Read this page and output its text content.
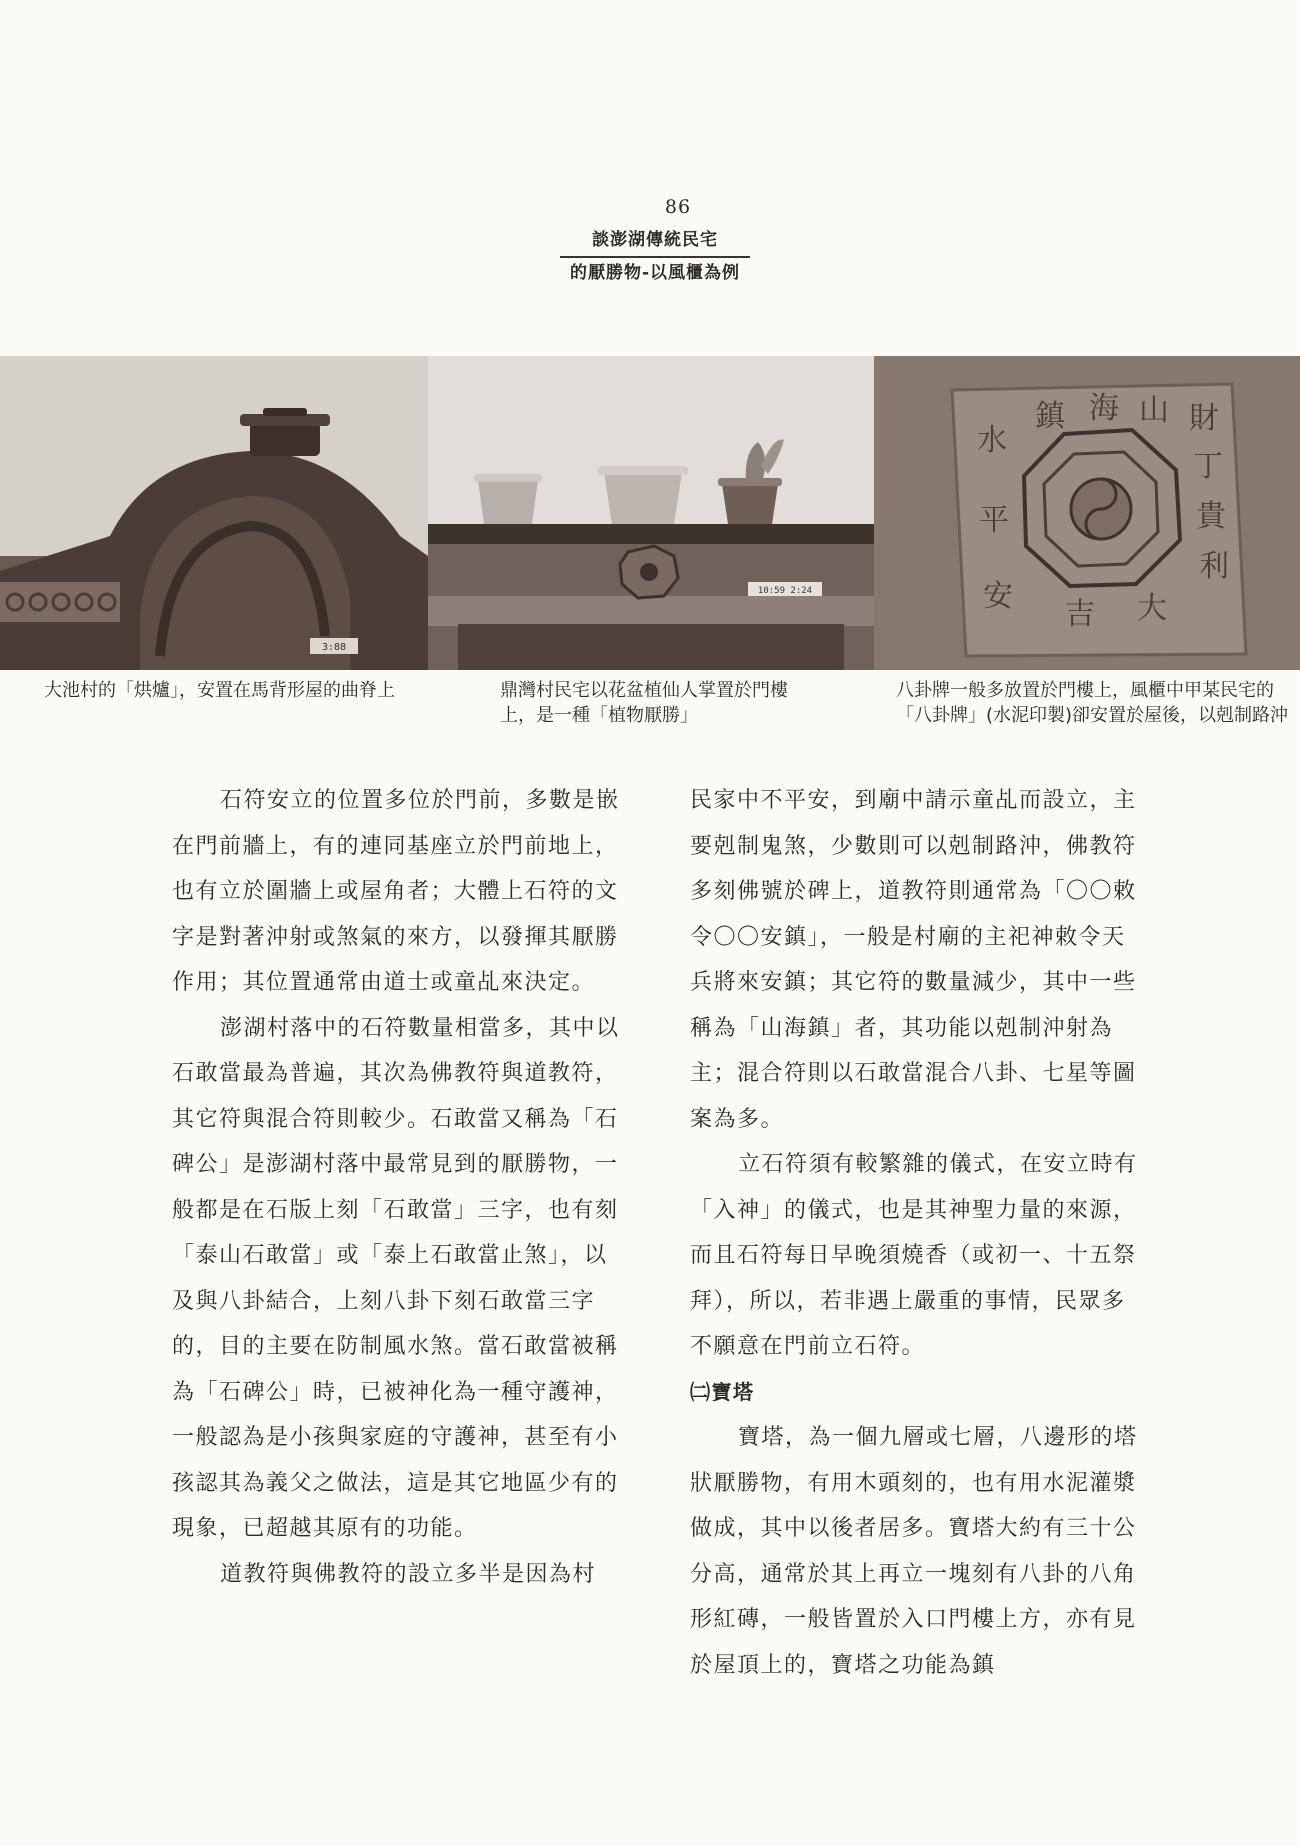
86
談澎湖傳統民宅
的厭勝物-以風櫃為例
3:88
10:59 2:24
財
丁
貴
山
海
鎮
水
平
安	大
吉
利
大池村的「烘爐」，安置在馬背形屋的曲脊上	鼎灣村民宅以花盆植仙人掌置於門樓上，是一種「植物厭勝」
八卦牌一般多放置於門樓上，風櫃中甲某民宅的「八卦牌」(水泥印製)卻安置於屋後，以剋制路沖

石符安立的位置多位於門前，多數是嵌在門前牆上，有的連同基座立於門前地上，也有立於圍牆上或屋角者；大體上石符的文字是對著沖射或煞氣的來方，以發揮其厭勝作用；其位置通常由道士或童乩來決定。

澎湖村落中的石符數量相當多，其中以石敢當最為普遍，其次為佛教符與道教符，其它符與混合符則較少。石敢當又稱為「石碑公」是澎湖村落中最常見到的厭勝物，一般都是在石版上刻「石敢當」三字，也有刻「泰山石敢當」或「泰上石敢當止煞」，以及與八卦結合，上刻八卦下刻石敢當三字的，目的主要在防制風水煞。當石敢當被稱為「石碑公」時，已被神化為一種守護神，一般認為是小孩與家庭的守護神，甚至有小孩認其為義父之做法，這是其它地區少有的現象，已超越其原有的功能。

道教符與佛教符的設立多半是因為村

民家中不平安，到廟中請示童乩而設立，主要剋制鬼煞，少數則可以剋制路沖，佛教符多刻佛號於碑上，道教符則通常為「〇〇敕令〇〇安鎮」，一般是村廟的主祀神敕令天兵將來安鎮；其它符的數量減少，其中一些稱為「山海鎮」者，其功能以剋制沖射為主；混合符則以石敢當混合八卦、七星等圖案為多。

立石符須有較繁雜的儀式，在安立時有「入神」的儀式，也是其神聖力量的來源，而且石符每日早晚須燒香（或初一、十五祭拜），所以，若非遇上嚴重的事情，民眾多不願意在門前立石符。

㈡寶塔

寶塔，為一個九層或七層，八邊形的塔狀厭勝物，有用木頭刻的，也有用水泥灌漿做成，其中以後者居多。寶塔大約有三十公分高，通常於其上再立一塊刻有八卦的八角形紅磚，一般皆置於入口門樓上方，亦有見於屋頂上的，寶塔之功能為鎮
